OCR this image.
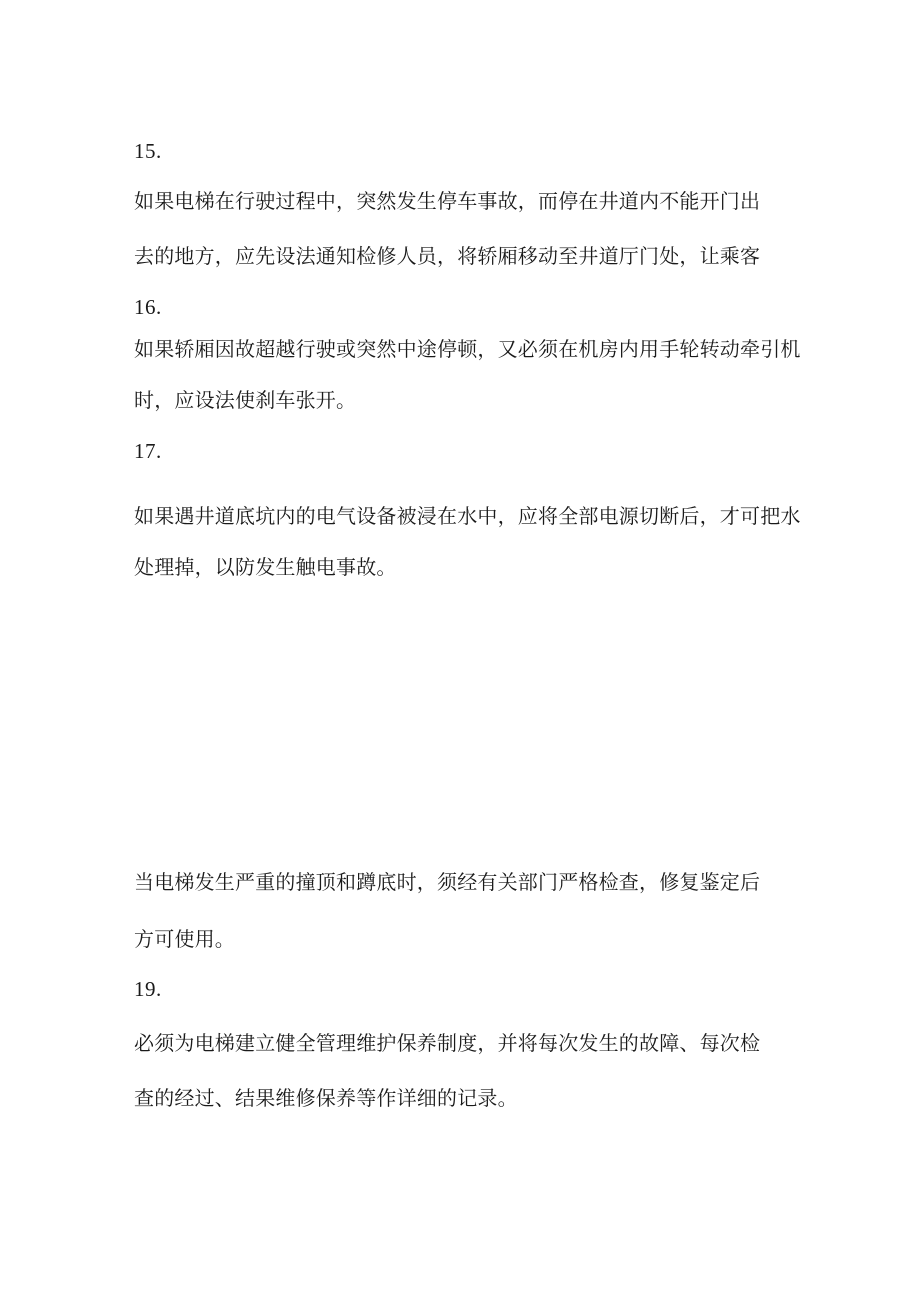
15.
如果电梯在行驶过程中，突然发生停车事故，而停在井道内不能开门出
去的地方，应先设法通知检修人员，将轿厢移动至井道厅门处，让乘客
16.
如果轿厢因故超越行驶或突然中途停顿，又必须在机房内用手轮转动牵引机
时，应设法使刹车张开。
17.
如果遇井道底坑内的电气设备被浸在水中，应将全部电源切断后，才可把水
处理掉，以防发生触电事故。
当电梯发生严重的撞顶和蹲底时，须经有关部门严格检查，修复鉴定后
方可使用。
19.
必须为电梯建立健全管理维护保养制度，并将每次发生的故障、每次检
查的经过、结果维修保养等作详细的记录。
